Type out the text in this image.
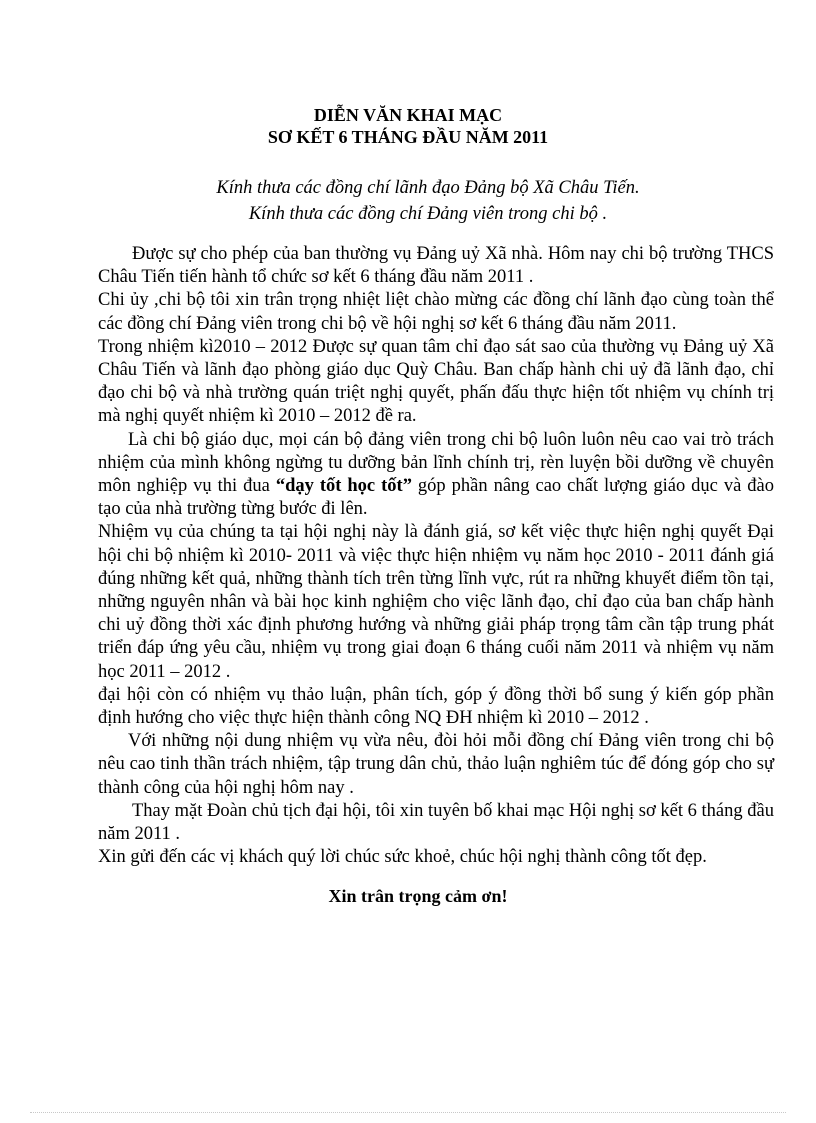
DIỄN VĂN KHAI MẠC

SƠ KẾT 6 THÁNG ĐẦU NĂM 2011

Kính thưa các đồng chí lãnh đạo Đảng bộ Xã Châu Tiến.

Kính thưa các đồng chí Đảng viên trong chi bộ .

Được sự cho phép của ban thường vụ Đảng uỷ Xã nhà. Hôm nay chi bộ trường THCS Châu Tiến tiến hành tổ chức sơ kết 6 tháng đầu năm 2011 .

Chi ủy ,chi bộ tôi xin trân trọng nhiệt liệt chào mừng các đồng chí lãnh đạo cùng toàn thể các đồng chí Đảng viên trong chi bộ về hội nghị sơ kết 6 tháng đầu năm 2011.

Trong nhiệm kì2010 – 2012 Được sự quan tâm chỉ đạo sát sao của thường vụ Đảng uỷ Xã Châu Tiến và lãnh đạo phòng giáo dục Quỳ Châu. Ban chấp hành chi uỷ đã lãnh đạo, chỉ đạo chi bộ và nhà trường quán triệt nghị quyết, phấn đấu thực hiện tốt nhiệm vụ chính trị mà nghị quyết nhiệm kì 2010 – 2012 đề ra.

Là chi bộ giáo dục, mọi cán bộ đảng viên trong chi bộ luôn luôn nêu cao vai trò trách nhiệm của mình không ngừng tu dưỡng bản lĩnh chính trị, rèn luyện bồi dưỡng về chuyên môn nghiệp vụ thi đua “dạy tốt học tốt” góp phần nâng cao chất lượng giáo dục và đào tạo của nhà trường từng bước đi lên.

Nhiệm vụ của chúng ta tại hội nghị này là đánh giá, sơ kết việc thực hiện nghị quyết Đại hội chi bộ nhiệm kì 2010- 2011 và việc thực hiện nhiệm vụ năm học 2010 - 2011 đánh giá đúng những kết quả, những thành tích trên từng lĩnh vực, rút ra những khuyết điểm tồn tại, những nguyên nhân và bài học kinh nghiệm cho việc lãnh đạo, chỉ đạo của ban chấp hành chi uỷ đồng thời xác định phương hướng và những giải pháp trọng tâm cần tập trung phát triển đáp ứng yêu cầu, nhiệm vụ trong giai đoạn 6 tháng cuối năm 2011 và nhiệm vụ năm học 2011 – 2012 .

đại hội còn có nhiệm vụ thảo luận, phân tích, góp ý đồng thời bổ sung ý kiến góp phần định hướng cho việc thực hiện thành công NQ ĐH nhiệm kì 2010 – 2012 .

Với những nội dung nhiệm vụ vừa nêu, đòi hỏi mỗi đồng chí Đảng viên trong chi bộ nêu cao tinh thần trách nhiệm, tập trung dân chủ, thảo luận nghiêm túc để đóng góp cho sự thành công của hội nghị hôm nay .

Thay mặt Đoàn chủ tịch đại hội, tôi xin tuyên bố khai mạc Hội nghị sơ kết 6 tháng đầu năm 2011 .

Xin gửi đến các vị khách quý lời chúc sức khoẻ, chúc hội nghị thành công tốt đẹp.

Xin trân trọng cảm ơn!
